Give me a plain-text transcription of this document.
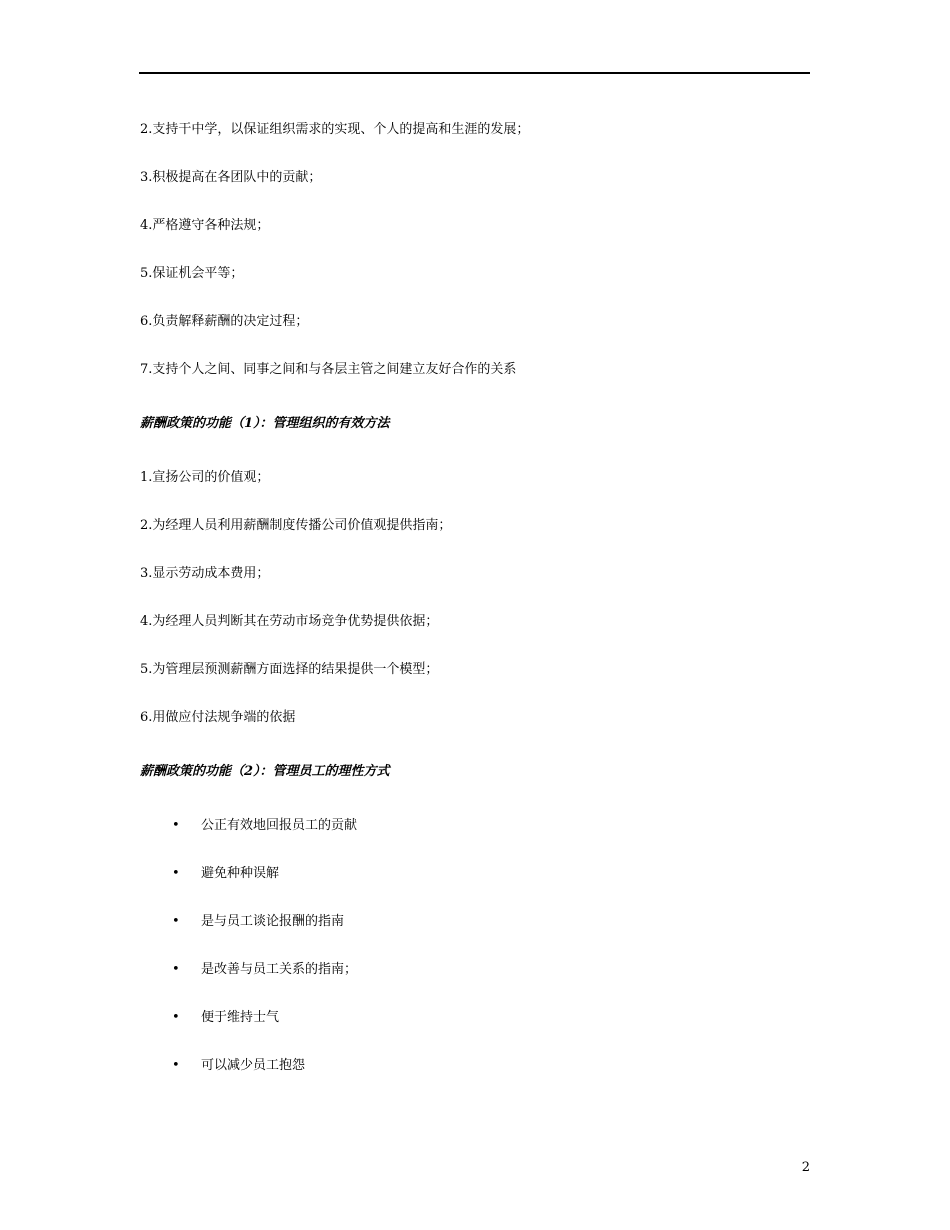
2.支持干中学，以保证组织需求的实现、个人的提高和生涯的发展；
3.积极提高在各团队中的贡献；
4.严格遵守各种法规；
5.保证机会平等；
6.负责解释薪酬的决定过程；
7.支持个人之间、同事之间和与各层主管之间建立友好合作的关系
薪酬政策的功能（1）：管理组织的有效方法
1.宣扬公司的价值观；
2.为经理人员利用薪酬制度传播公司价值观提供指南；
3.显示劳动成本费用；
4.为经理人员判断其在劳动市场竞争优势提供依据；
5.为管理层预测薪酬方面选择的结果提供一个模型；
6.用做应付法规争端的依据
薪酬政策的功能（2）：管理员工的理性方式
• 公正有效地回报员工的贡献
• 避免种种误解
• 是与员工谈论报酬的指南
• 是改善与员工关系的指南；
• 便于维持士气
• 可以减少员工抱怨
2
